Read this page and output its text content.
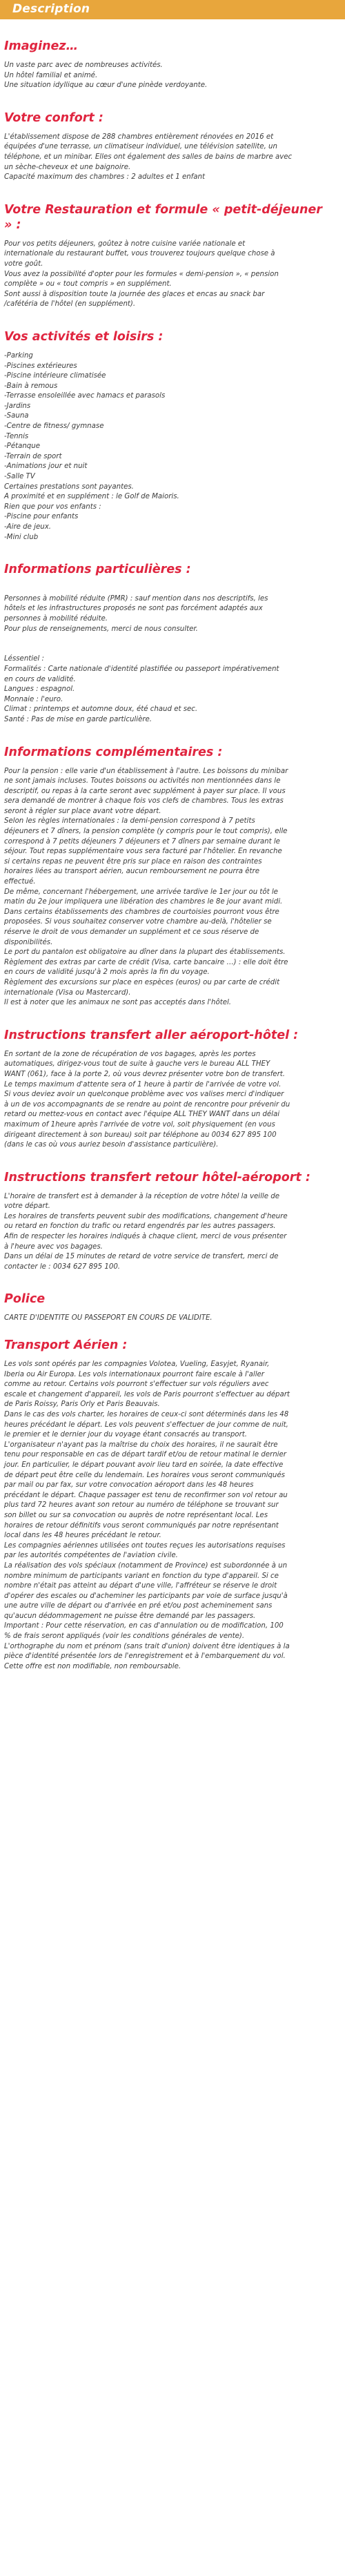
Description
Imaginez…
Un vaste parc avec de nombreuses activités.
Un hôtel familial et animé.
Une situation idyllique au cœur d'une pinède verdoyante.
Votre confort :
L'établissement dispose de 288 chambres entièrement rénovées en 2016 et
équipées d'une terrasse, un climatiseur individuel, une télévision satellite, un
téléphone, et un minibar. Elles ont également des salles de bains de marbre avec
un sèche-cheveux et une baignoire.
Capacité maximum des chambres : 2 adultes et 1 enfant
Votre Restauration et formule « petit-déjeuner » :
Pour vos petits déjeuners, goûtez à notre cuisine variée nationale et
internationale du restaurant buffet, vous trouverez toujours quelque chose à
votre goût.
Vous avez la possibilité d'opter pour les formules « demi-pension », « pension
complète » ou « tout compris » en supplément.
Sont aussi à disposition toute la journée des glaces et encas au snack bar
/cafétéria de l'hôtel (en supplément).
Vos activités et loisirs :
-Parking
-Piscines extérieures
-Piscine intérieure climatisée
-Bain à remous
-Terrasse ensoleillée avec hamacs et parasols
-Jardins
-Sauna
-Centre de fitness/ gymnase
-Tennis
-Pétanque
-Terrain de sport
-Animations jour et nuit
-Salle TV
Certaines prestations sont payantes.
A proximité et en supplément : le Golf de Maioris.
Rien que pour vos enfants :
-Piscine pour enfants
-Aire de jeux.
-Mini club
Informations particulières :
Personnes à mobilité réduite (PMR) : sauf mention dans nos descriptifs, les
hôtels et les infrastructures proposés ne sont pas forcément adaptés aux
personnes à mobilité réduite.
Pour plus de renseignements, merci de nous consulter.
Léssentiel :
Formalités : Carte nationale d'identité plastifiée ou passeport impérativement
en cours de validité.
Langues : espagnol.
Monnaie : l'euro.
Climat : printemps et automne doux, été chaud et sec.
Santé : Pas de mise en garde particulière.
Informations complémentaires :
Pour la pension : elle varie d'un établissement à l'autre. Les boissons du minibar
ne sont jamais incluses. Toutes boissons ou activités non mentionnées dans le
descriptif, ou repas à la carte seront avec supplément à payer sur place. Il vous
sera demandé de montrer à chaque fois vos clefs de chambres. Tous les extras
seront à régler sur place avant votre départ.
Selon les règles internationales : la demi-pension correspond à 7 petits
déjeuners et 7 dîners, la pension complète (y compris pour le tout compris), elle
correspond à 7 petits déjeuners 7 déjeuners et 7 dîners par semaine durant le
séjour. Tout repas supplémentaire vous sera facturé par l'hôtelier. En revanche
si certains repas ne peuvent être pris sur place en raison des contraintes
horaires liées au transport aérien, aucun remboursement ne pourra être
effectué.
De même, concernant l'hébergement, une arrivée tardive le 1er jour ou tôt le
matin du 2e jour impliquera une libération des chambres le 8e jour avant midi.
Dans certains établissements des chambres de courtoisies pourront vous être
proposées. Si vous souhaitez conserver votre chambre au-delà, l'hôtelier se
réserve le droit de vous demander un supplément et ce sous réserve de
disponibilités.
Le port du pantalon est obligatoire au dîner dans la plupart des établissements.
Règlement des extras par carte de crédit (Visa, carte bancaire …) : elle doit être
en cours de validité jusqu'à 2 mois après la fin du voyage.
Règlement des excursions sur place en espèces (euros) ou par carte de crédit
internationale (Visa ou Mastercard).
Il est à noter que les animaux ne sont pas acceptés dans l'hôtel.
Instructions transfert aller aéroport-hôtel :
En sortant de la zone de récupération de vos bagages, après les portes
automatiques, dirigez-vous tout de suite à gauche vers le bureau ALL THEY
WANT (061), face à la porte 2, où vous devrez présenter votre bon de transfert.
Le temps maximum d'attente sera of 1 heure à partir de l'arrivée de votre vol.
Si vous deviez avoir un quelconque problème avec vos valises merci d'indiquer
à un de vos accompagnants de se rendre au point de rencontre pour prévenir du
retard ou mettez-vous en contact avec l'équipe ALL THEY WANT dans un délai
maximum of 1heure après l'arrivée de votre vol, soit physiquement (en vous
dirigeant directement à son bureau) soit par téléphone au 0034 627 895 100
(dans le cas où vous auriez besoin d'assistance particulière).
Instructions transfert retour hôtel-aéroport :
L'horaire de transfert est à demander à la réception de votre hôtel la veille de
votre départ.
Les horaires de transferts peuvent subir des modifications, changement d'heure
ou retard en fonction du trafic ou retard engendrés par les autres passagers.
Afin de respecter les horaires indiqués à chaque client, merci de vous présenter
à l'heure avec vos bagages.
Dans un délai de 15 minutes de retard de votre service de transfert, merci de
contacter le : 0034 627 895 100.
Police
CARTE D'IDENTITE OU PASSEPORT EN COURS DE VALIDITE.
Transport Aérien :
Les vols sont opérés par les compagnies Volotea, Vueling, Easyjet, Ryanair,
Iberia ou Air Europa. Les vols internationaux pourront faire escale à l'aller
comme au retour. Certains vols pourront s'effectuer sur vols réguliers avec
escale et changement d'appareil, les vols de Paris pourront s'effectuer au départ
de Paris Roissy, Paris Orly et Paris Beauvais.
Dans le cas des vols charter, les horaires de ceux-ci sont déterminés dans les 48
heures précédant le départ. Les vols peuvent s'effectuer de jour comme de nuit,
le premier et le dernier jour du voyage étant consacrés au transport.
L'organisateur n'ayant pas la maîtrise du choix des horaires, il ne saurait être
tenu pour responsable en cas de départ tardif et/ou de retour matinal le dernier
jour. En particulier, le départ pouvant avoir lieu tard en soirée, la date effective
de départ peut être celle du lendemain. Les horaires vous seront communiqués
par mail ou par fax, sur votre convocation aéroport dans les 48 heures
précédant le départ. Chaque passager est tenu de reconfirmer son vol retour au
plus tard 72 heures avant son retour au numéro de téléphone se trouvant sur
son billet ou sur sa convocation ou auprès de notre représentant local. Les
horaires de retour définitifs vous seront communiqués par notre représentant
local dans les 48 heures précédant le retour.
Les compagnies aériennes utilisées ont toutes reçues les autorisations requises
par les autorités compétentes de l'aviation civile.
La réalisation des vols spéciaux (notamment de Province) est subordonnée à un
nombre minimum de participants variant en fonction du type d'appareil. Si ce
nombre n'était pas atteint au départ d'une ville, l'affréteur se réserve le droit
d'opérer des escales ou d'acheminer les participants par voie de surface jusqu'à
une autre ville de départ ou d'arrivée en pré et/ou post acheminement sans
qu'aucun dédommagement ne puisse être demandé par les passagers.
Important : Pour cette réservation, en cas d'annulation ou de modification, 100
% de frais seront appliqués (voir les conditions générales de vente).
L'orthographe du nom et prénom (sans trait d'union) doivent être identiques à la
pièce d'identité présentée lors de l'enregistrement et à l'embarquement du vol.
Cette offre est non modifiable, non remboursable.
